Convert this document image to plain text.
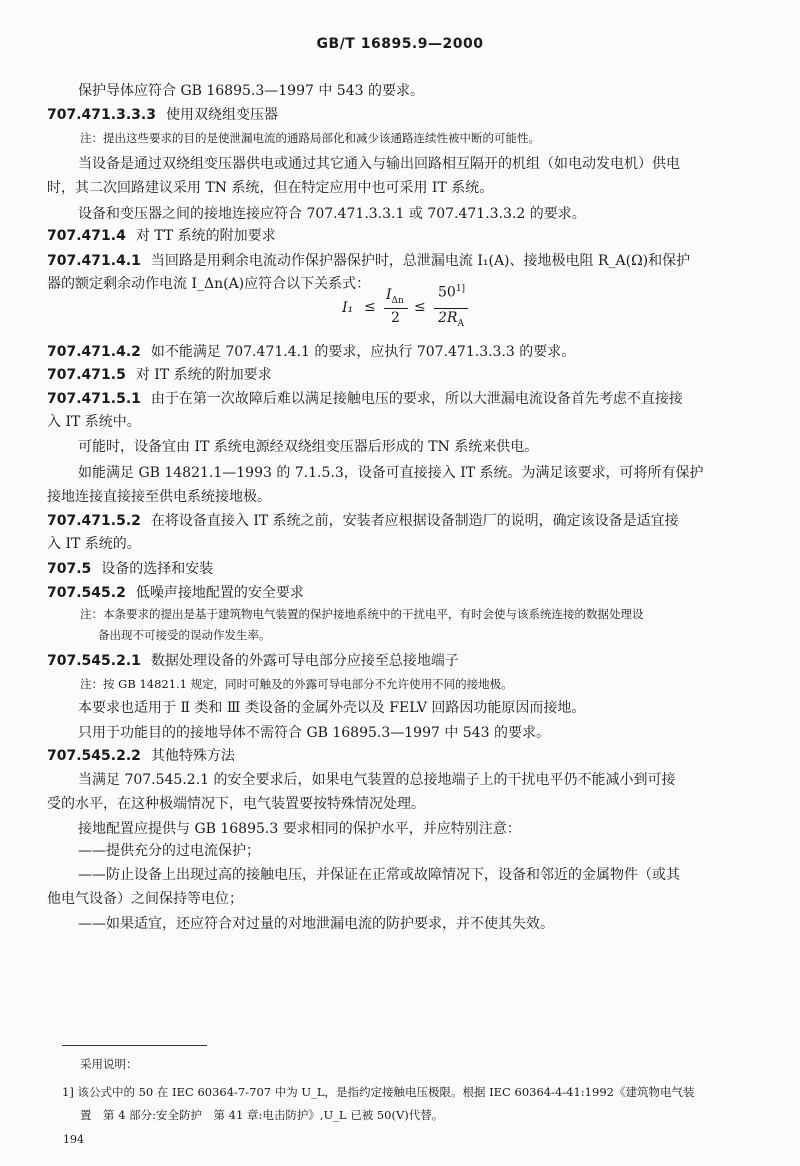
GB/T 16895.9—2000
保护导体应符合 GB 16895.3—1997 中 543 的要求。
707.471.3.3.3 使用双绕组变压器
注：提出这些要求的目的是使泄漏电流的通路局部化和减少该通路连续性被中断的可能性。
当设备是通过双绕组变压器供电或通过其它通入与输出回路相互隔开的机组（如电动发电机）供电
时，其二次回路建议采用 TN 系统，但在特定应用中也可采用 IT 系统。
设备和变压器之间的接地连接应符合 707.471.3.3.1 或 707.471.3.3.2 的要求。
707.471.4 对 TT 系统的附加要求
707.471.4.1 当回路是用剩余电流动作保护器保护时，总泄漏电流 I₁(A)、接地极电阻 R_A(Ω)和保护
器的额定剩余动作电流 I_Δn(A)应符合以下关系式：
I₁ ≤
$I_{\Delta n}$
2
≤
$50^{1]}$
$2R_A$
707.471.4.2 如不能满足 707.471.4.1 的要求，应执行 707.471.3.3.3 的要求。
707.471.5 对 IT 系统的附加要求
707.471.5.1 由于在第一次故障后难以满足接触电压的要求，所以大泄漏电流设备首先考虑不直接接
入 IT 系统中。
可能时，设备宜由 IT 系统电源经双绕组变压器后形成的 TN 系统来供电。
如能满足 GB 14821.1—1993 的 7.1.5.3，设备可直接接入 IT 系统。为满足该要求，可将所有保护
接地连接直接接至供电系统接地极。
707.471.5.2 在将设备直接入 IT 系统之前，安装者应根据设备制造厂的说明，确定该设备是适宜接
入 IT 系统的。
707.5 设备的选择和安装
707.545.2 低噪声接地配置的安全要求
注：本条要求的提出是基于建筑物电气装置的保护接地系统中的干扰电平，有时会使与该系统连接的数据处理设
备出现不可接受的误动作发生率。
707.545.2.1 数据处理设备的外露可导电部分应接至总接地端子
注：按 GB 14821.1 规定，同时可触及的外露可导电部分不允许使用不同的接地极。
本要求也适用于 Ⅱ 类和 Ⅲ 类设备的金属外壳以及 FELV 回路因功能原因而接地。
只用于功能目的的接地导体不需符合 GB 16895.3—1997 中 543 的要求。
707.545.2.2 其他特殊方法
当满足 707.545.2.1 的安全要求后，如果电气装置的总接地端子上的干扰电平仍不能减小到可接
受的水平，在这种极端情况下，电气装置要按特殊情况处理。
接地配置应提供与 GB 16895.3 要求相同的保护水平，并应特别注意：
——提供充分的过电流保护；
——防止设备上出现过高的接触电压，并保证在正常或故障情况下，设备和邻近的金属物件（或其
他电气设备）之间保持等电位；
——如果适宜，还应符合对过量的对地泄漏电流的防护要求，并不使其失效。
采用说明：
1] 该公式中的 50 在 IEC 60364-7-707 中为 U_L，是指约定接触电压极限。根据 IEC 60364-4-41:1992《建筑物电气装
置　第 4 部分:安全防护　第 41 章:电击防护》,U_L 已被 50(V)代替。
194
